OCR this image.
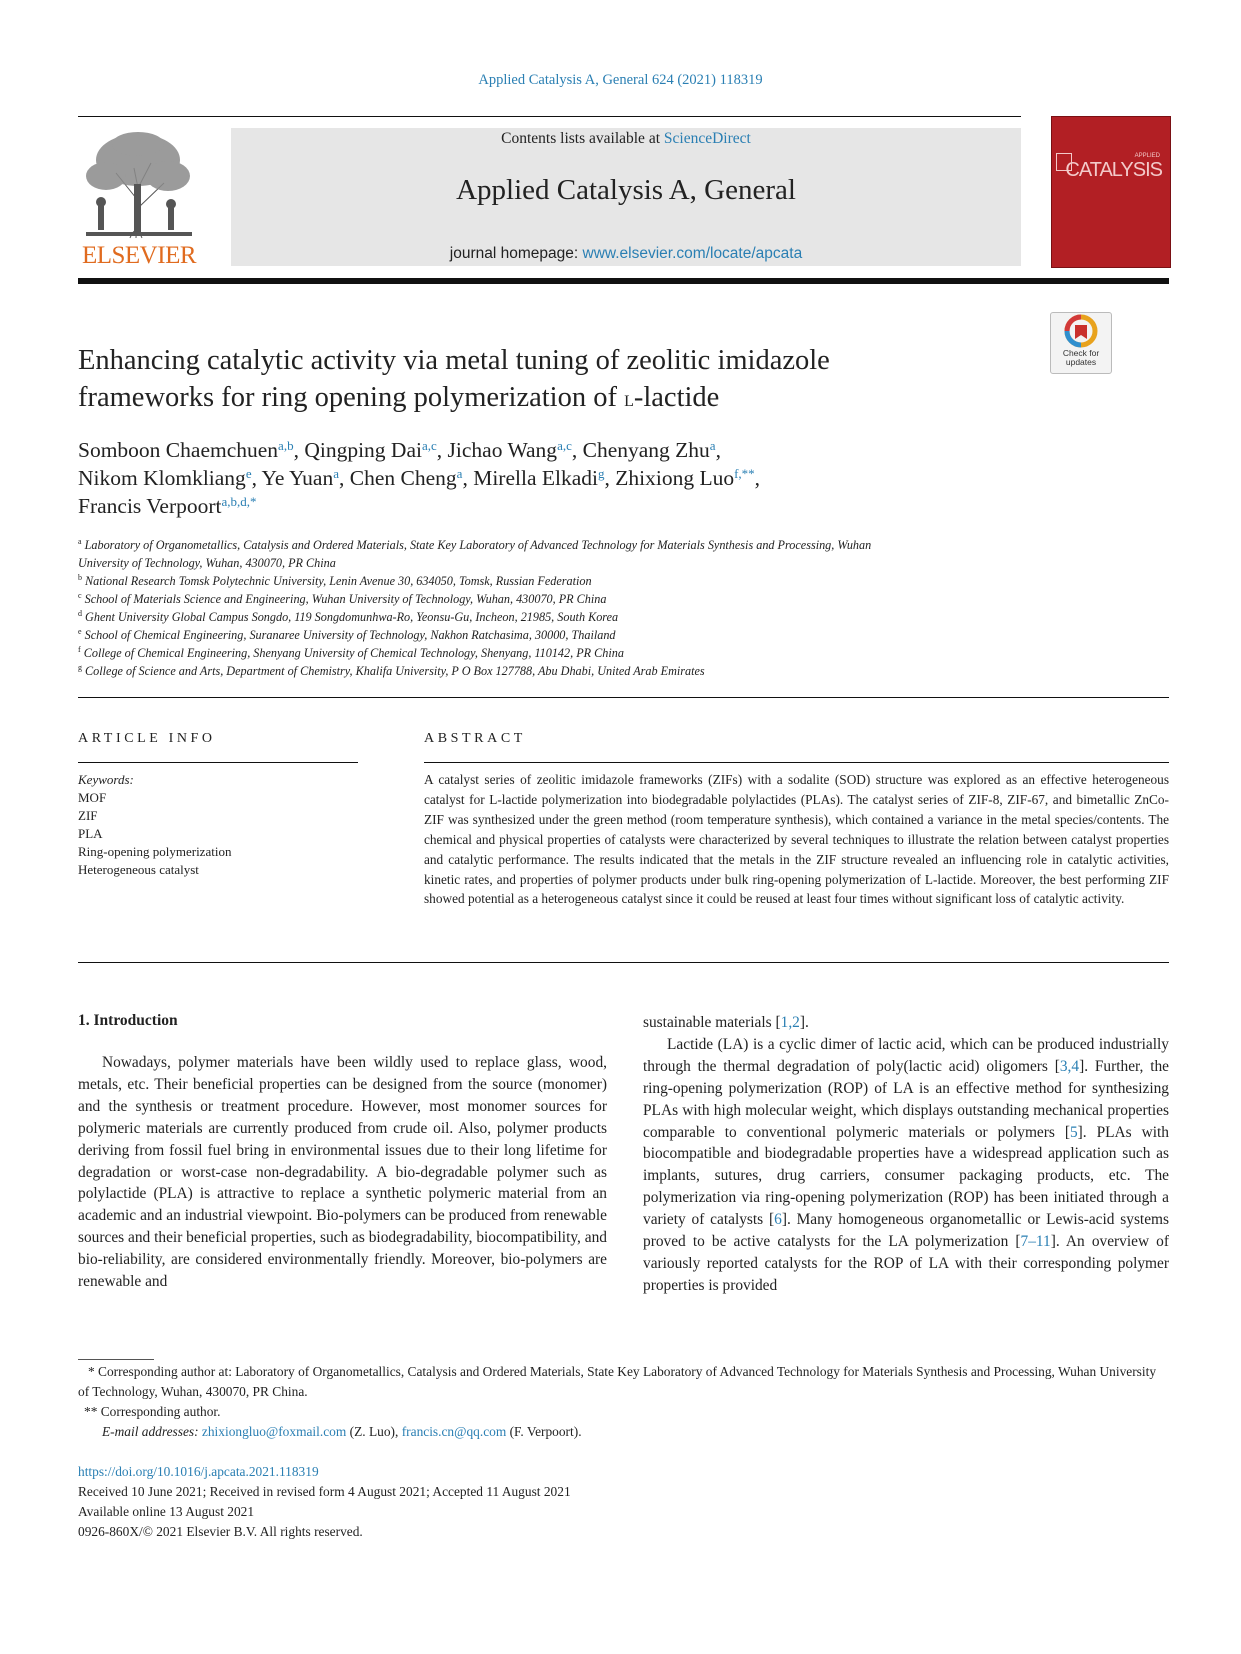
Applied Catalysis A, General 624 (2021) 118319
ELSEVIER
Contents lists available at ScienceDirect
Applied Catalysis A, General
journal homepage: www.elsevier.com/locate/apcata
APPLIED
CATALYSIS
Check for updates
Enhancing catalytic activity via metal tuning of zeolitic imidazole
frameworks for ring opening polymerization of l-lactide
Somboon Chaemchuen$^{a,b}$, Qingping Dai$^{a,c}$, Jichao Wang$^{a,c}$, Chenyang Zhu$^a$,
Nikom Klomkliang$^e$, Ye Yuan$^a$, Chen Cheng$^a$, Mirella Elkadi$^g$, Zhixiong Luo$^{f,**}$,
Francis Verpoort$^{a,b,d,*}$
$^a$ Laboratory of Organometallics, Catalysis and Ordered Materials, State Key Laboratory of Advanced Technology for Materials Synthesis and Processing, Wuhan
University of Technology, Wuhan, 430070, PR China
$^b$ National Research Tomsk Polytechnic University, Lenin Avenue 30, 634050, Tomsk, Russian Federation
$^c$ School of Materials Science and Engineering, Wuhan University of Technology, Wuhan, 430070, PR China
$^d$ Ghent University Global Campus Songdo, 119 Songdomunhwa-Ro, Yeonsu-Gu, Incheon, 21985, South Korea
$^e$ School of Chemical Engineering, Suranaree University of Technology, Nakhon Ratchasima, 30000, Thailand
$^f$ College of Chemical Engineering, Shenyang University of Chemical Technology, Shenyang, 110142, PR China
$^g$ College of Science and Arts, Department of Chemistry, Khalifa University, P O Box 127788, Abu Dhabi, United Arab Emirates
ARTICLE INFO
Keywords:
MOF
ZIF
PLA
Ring-opening polymerization
Heterogeneous catalyst
ABSTRACT
A catalyst series of zeolitic imidazole frameworks (ZIFs) with a sodalite (SOD) structure was explored as an effective heterogeneous catalyst for L-lactide polymerization into biodegradable polylactides (PLAs). The catalyst series of ZIF-8, ZIF-67, and bimetallic ZnCo-ZIF was synthesized under the green method (room temperature synthesis), which contained a variance in the metal species/contents. The chemical and physical properties of catalysts were characterized by several techniques to illustrate the relation between catalyst properties and catalytic performance. The results indicated that the metals in the ZIF structure revealed an influencing role in catalytic activities, kinetic rates, and properties of polymer products under bulk ring-opening polymerization of L-lactide. Moreover, the best performing ZIF showed potential as a heterogeneous catalyst since it could be reused at least four times without significant loss of catalytic activity.
1. Introduction
Nowadays, polymer materials have been wildly used to replace glass, wood, metals, etc. Their beneficial properties can be designed from the source (monomer) and the synthesis or treatment procedure. However, most monomer sources for polymeric materials are currently produced from crude oil. Also, polymer products deriving from fossil fuel bring in environmental issues due to their long lifetime for degradation or worst-case non-degradability. A bio-degradable polymer such as polylactide (PLA) is attractive to replace a synthetic polymeric material from an academic and an industrial viewpoint. Bio-polymers can be produced from renewable sources and their beneficial properties, such as biodegradability, biocompatibility, and bio-reliability, are considered environmentally friendly. Moreover, bio-polymers are renewable and
sustainable materials [1,2].
Lactide (LA) is a cyclic dimer of lactic acid, which can be produced industrially through the thermal degradation of poly(lactic acid) oligomers [3,4]. Further, the ring-opening polymerization (ROP) of LA is an effective method for synthesizing PLAs with high molecular weight, which displays outstanding mechanical properties comparable to conventional polymeric materials or polymers [5]. PLAs with biocompatible and biodegradable properties have a widespread application such as implants, sutures, drug carriers, consumer packaging products, etc. The polymerization via ring-opening polymerization (ROP) has been initiated through a variety of catalysts [6]. Many homogeneous organometallic or Lewis-acid systems proved to be active catalysts for the LA polymerization [7–11]. An overview of variously reported catalysts for the ROP of LA with their corresponding polymer properties is provided
* Corresponding author at: Laboratory of Organometallics, Catalysis and Ordered Materials, State Key Laboratory of Advanced Technology for Materials Synthesis and Processing, Wuhan University of Technology, Wuhan, 430070, PR China.
** Corresponding author.
E-mail addresses: zhixiongluo@foxmail.com (Z. Luo), francis.cn@qq.com (F. Verpoort).
https://doi.org/10.1016/j.apcata.2021.118319
Received 10 June 2021; Received in revised form 4 August 2021; Accepted 11 August 2021
Available online 13 August 2021
0926-860X/© 2021 Elsevier B.V. All rights reserved.
